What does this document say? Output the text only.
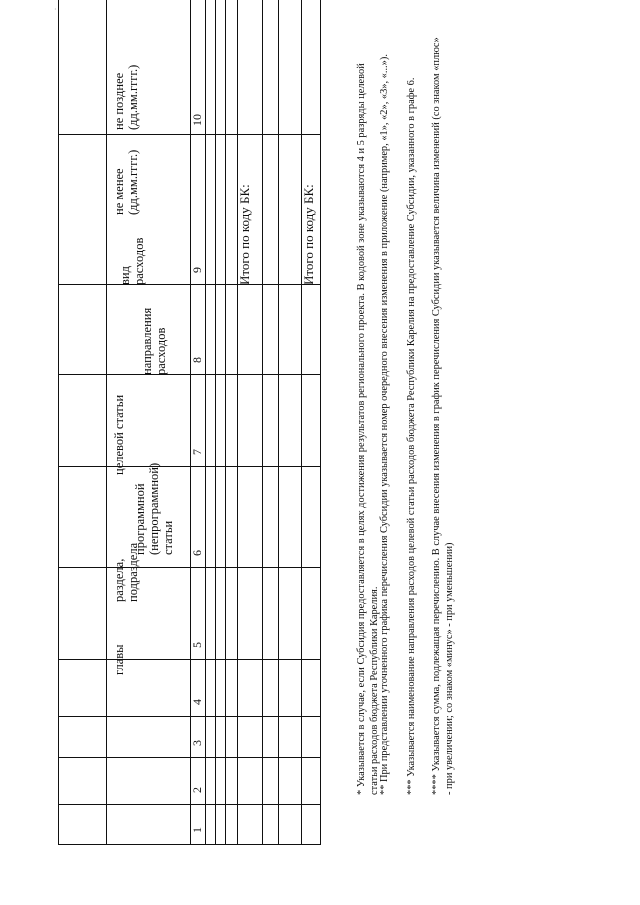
·
главы
раздела,
подраздела
целевой статьи
программной
(непрограммной)
статьи
направления
расходов
вид
расходов
не менее
(дд.мм.гггг.)
не позднее
(дд.мм.гггг.)
1
2
3
4
5
6
7
8
9
10
Итого по коду БК:	Итого по коду БК:	* Указывается в случае, если Субсидия предоставляется в целях достижения результатов регионального проекта. В кодовой зоне указываются 4 и 5 разряды целевой статьи расходов бюджета Республики Карелия. ** При представлении уточненного графика перечисления Субсидии указывается номер очередного внесения изменения в приложение (например, «1», «2», «3», «...»). *** Указывается наименование направления расходов целевой статьи расходов бюджета Республики Карелия на предоставление Субсидии, указанного в графе 6. **** Указывается сумма, подлежащая перечислению. В случае внесения изменения в график перечисления Субсидии указывается величина изменений (со знаком «плюс» - при увеличении; со знаком «минус» - при уменьшении)
